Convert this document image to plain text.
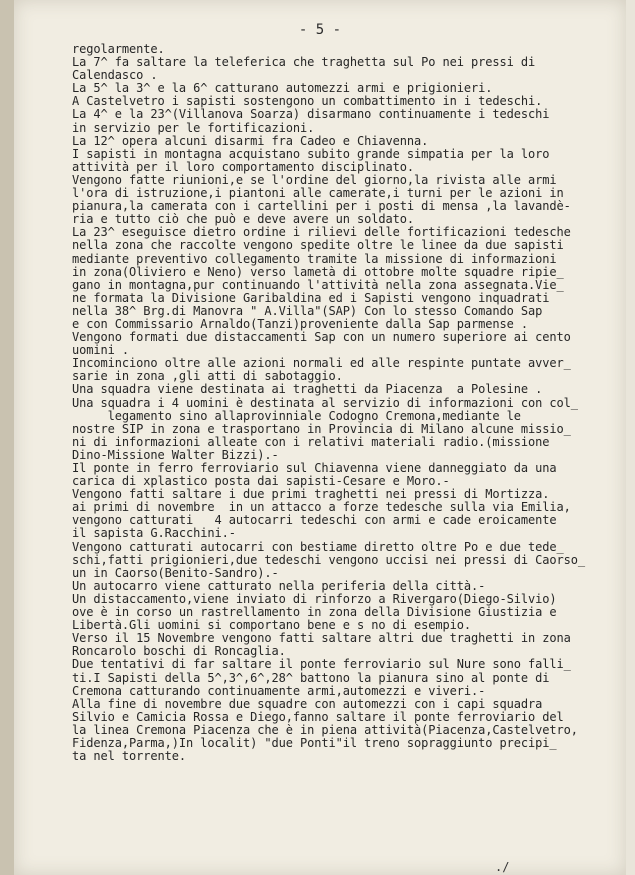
- 5 -
regolarmente.
La 7^ fa saltare la teleferica che traghetta sul Po nei pressi di
Calendasco .
La 5^ la 3^ e la 6^ catturano automezzi armi e prigionieri.
A Castelvetro i sapisti sostengono un combattimento in i tedeschi.
La 4^ e la 23^(Villanova Soarza) disarmano continuamente i tedeschi
in servizio per le fortificazioni.
La 12^ opera alcuni disarmi fra Cadeo e Chiavenna.
I sapisti in montagna acquistano subito grande simpatia per la loro
attività per il loro comportamento disciplinato.
Vengono fatte riunioni,e se l'ordine del giorno,la rivista alle armi
l'ora di istruzione,i piantoni alle camerate,i turni per le azioni in
pianura,la camerata con i cartellini per i posti di mensa ,la lavandè-
ria e tutto ciò che può e deve avere un soldato.
La 23^ eseguisce dietro ordine i rilievi delle fortificazioni tedesche
nella zona che raccolte vengono spedite oltre le linee da due sapisti
mediante preventivo collegamento tramite la missione di informazioni
in zona(Oliviero e Neno) verso lametà di ottobre molte squadre ripie_
gano in montagna,pur continuando l'attività nella zona assegnata.Vie_
ne formata la Divisione Garibaldina ed i Sapisti vengono inquadrati
nella 38^ Brg.di Manovra " A.Villa"(SAP) Con lo stesso Comando Sap
e con Commissario Arnaldo(Tanzi)proveniente dalla Sap parmense .
Vengono formati due distaccamenti Sap con un numero superiore ai cento
uomini .
Incominciono oltre alle azioni normali ed alle respinte puntate avver_
sarie in zona ,gli atti di sabotaggio.
Una squadra viene destinata ai traghetti da Piacenza  a Polesine .
Una squadra i 4 uomini è destinata al servizio di informazioni con col_
legamento sino allaprovinniale Codogno Cremona,mediante le
nostre SIP in zona e trasportano in Provincia di Milano alcune missio_
ni di informazioni alleate con i relativi materiali radio.(missione
Dino-Missione Walter Bizzi).-
Il ponte in ferro ferroviario sul Chiavenna viene danneggiato da una
carica di xplastico posta dai sapisti-Cesare e Moro.-
Vengono fatti saltare i due primi traghetti nei pressi di Mortizza.
ai primi di novembre  in un attacco a forze tedesche sulla via Emilia,
vengono catturati   4 autocarri tedeschi con armi e cade eroicamente
il sapista G.Racchini.-
Vengono catturati autocarri con bestiame diretto oltre Po e due tede_
schi,fatti prigionieri,due tedeschi vengono uccisi nei pressi di Caorso_
un in Caorso(Benito-Sandro).-
Un autocarro viene catturato nella periferia della città.-
Un distaccamento,viene inviato di rinforzo a Rivergaro(Diego-Silvio)
ove è in corso un rastrellamento in zona della Divisione Giustizia e
Libertà.Gli uomini si comportano bene e s no di esempio.
Verso il 15 Novembre vengono fatti saltare altri due traghetti in zona
Roncarolo boschi di Roncaglia.
Due tentativi di far saltare il ponte ferroviario sul Nure sono falli_
ti.I Sapisti della 5^,3^,6^,28^ battono la pianura sino al ponte di
Cremona catturando continuamente armi,automezzi e viveri.-
Alla fine di novembre due squadre con automezzi con i capi squadra
Silvio e Camicia Rossa e Diego,fanno saltare il ponte ferroviario del
la linea Cremona Piacenza che è in piena attività(Piacenza,Castelvetro,
Fidenza,Parma,)In localit) "due Ponti"il treno sopraggiunto precipi_
ta nel torrente.
./
